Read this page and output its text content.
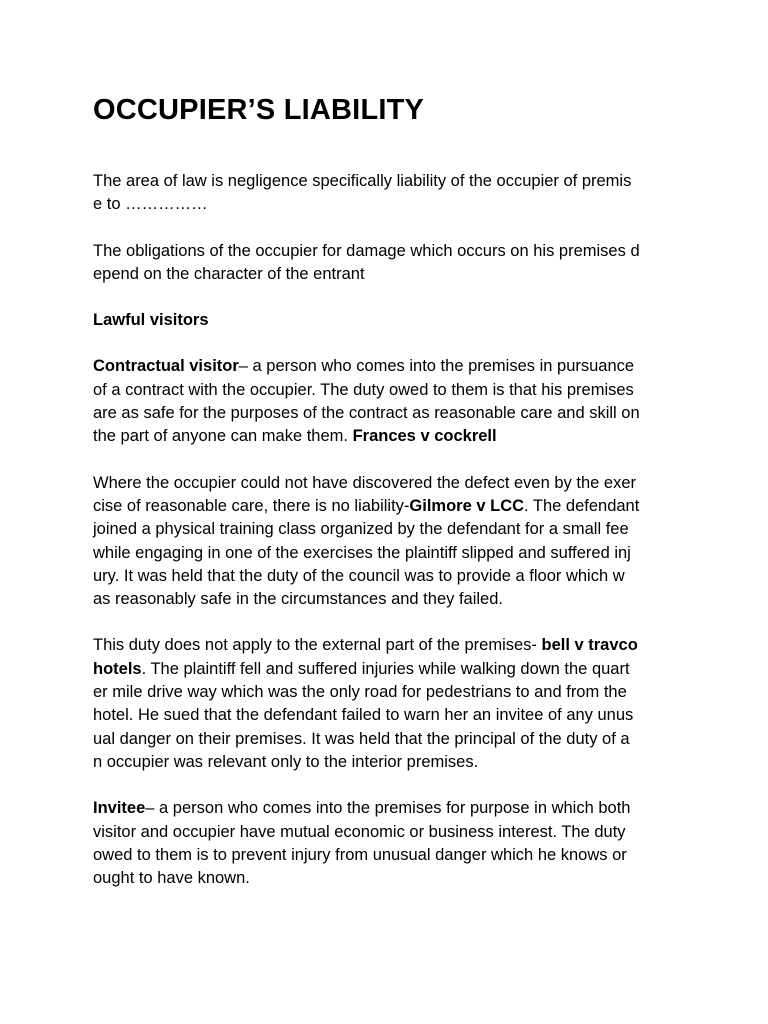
OCCUPIER’S LIABILITY

The area of law is negligence specifically liability of the occupier of premis
e to ……………

The obligations of the occupier for damage which occurs on his premises d
epend on the character of the entrant

Lawful visitors

Contractual visitor– a person who comes into the premises in pursuance
of a contract with the occupier. The duty owed to them is that his premises
are as safe for the purposes of the contract as reasonable care and skill on
the part of anyone can make them. Frances v cockrell

Where the occupier could not have discovered the defect even by the exer
cise of reasonable care, there is no liability-Gilmore v LCC. The defendant
joined a physical training class organized by the defendant for a small fee
while engaging in one of the exercises the plaintiff slipped and suffered inj
ury. It was held that the duty of the council was to provide a floor which w
as reasonably safe in the circumstances and they failed.

This duty does not apply to the external part of the premises- bell v travco
hotels. The plaintiff fell and suffered injuries while walking down the quart
er mile drive way which was the only road for pedestrians to and from the
hotel. He sued that the defendant failed to warn her an invitee of any unus
ual danger on their premises. It was held that the principal of the duty of a
n occupier was relevant only to the interior premises.

Invitee– a person who comes into the premises for purpose in which both
visitor and occupier have mutual economic or business interest. The duty
owed to them is to prevent injury from unusual danger which he knows or
ought to have known.
